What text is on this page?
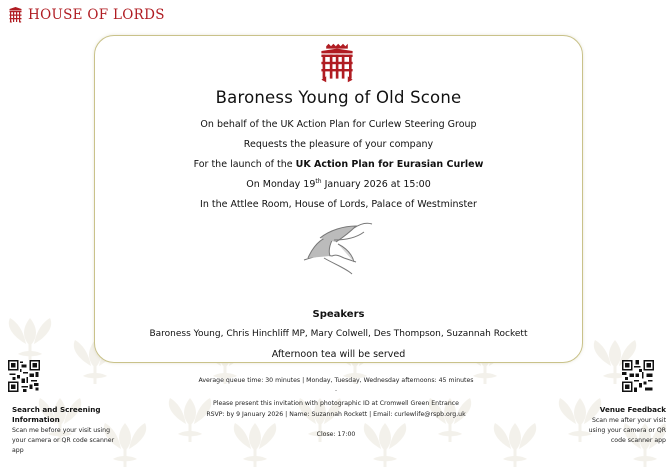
HOUSE OF LORDS
Baroness Young of Old Scone
On behalf of the UK Action Plan for Curlew Steering Group
Requests the pleasure of your company
For the launch of the UK Action Plan for Eurasian Curlew
On Monday 19th January 2026 at 15:00
In the Attlee Room, House of Lords, Palace of Westminster
Speakers
Baroness Young, Chris Hinchliff MP, Mary Colwell, Des Thompson, Suzannah Rockett
Afternoon tea will be served
Search and Screening Information
Scan me before your visit using your camera or QR code scanner app
Venue Feedback
Scan me after your visit using your camera or QR code scanner app
Average queue time: 30 minutes | Monday, Tuesday, Wednesday afternoons: 45 minutes
-
Please present this invitation with photographic ID at Cromwell Green Entrance
RSVP: by 9 January 2026 | Name: Suzannah Rockett | Email: curlewlife@rspb.org.uk
Close: 17:00
